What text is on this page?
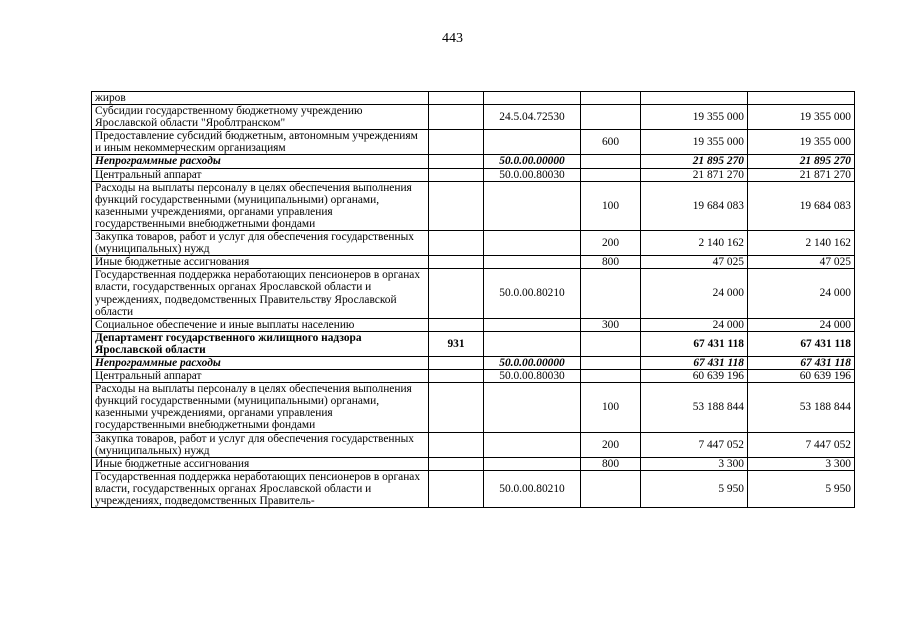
443
жиров					
Субсидии государственному бюджетному учреждению Ярославской области "Яроблтранском"		24.5.04.72530		19 355 000	19 355 000
Предоставление субсидий бюджетным, автономным учреждениям и иным некоммерческим организациям			600	19 355 000	19 355 000
Непрограммные расходы		50.0.00.00000		21 895 270	21 895 270
Центральный аппарат		50.0.00.80030		21 871 270	21 871 270
Расходы на выплаты персоналу в целях обеспечения выполнения функций государственными (муниципальными) органами, казенными учреждениями, органами управления государственными внебюджетными фондами			100	19 684 083	19 684 083
Закупка товаров, работ и услуг для обеспечения государственных (муниципальных) нужд			200	2 140 162	2 140 162
Иные бюджетные ассигнования			800	47 025	47 025
Государственная поддержка неработающих пенсионеров в органах власти, государственных органах Ярославской области и учреждениях, подведомственных Правительству Ярославской области		50.0.00.80210		24 000	24 000
Социальное обеспечение и иные выплаты населению			300	24 000	24 000
Департамент государственного жилищного надзора Ярославской области	931			67 431 118	67 431 118
Непрограммные расходы		50.0.00.00000		67 431 118	67 431 118
Центральный аппарат		50.0.00.80030		60 639 196	60 639 196
Расходы на выплаты персоналу в целях обеспечения выполнения функций государственными (муниципальными) органами, казенными учреждениями, органами управления государственными внебюджетными фондами			100	53 188 844	53 188 844
Закупка товаров, работ и услуг для обеспечения государственных (муниципальных) нужд			200	7 447 052	7 447 052
Иные бюджетные ассигнования			800	3 300	3 300
Государственная поддержка неработающих пенсионеров в органах власти, государственных органах Ярославской области и учреждениях, подведомственных Правитель-		50.0.00.80210		5 950	5 950
